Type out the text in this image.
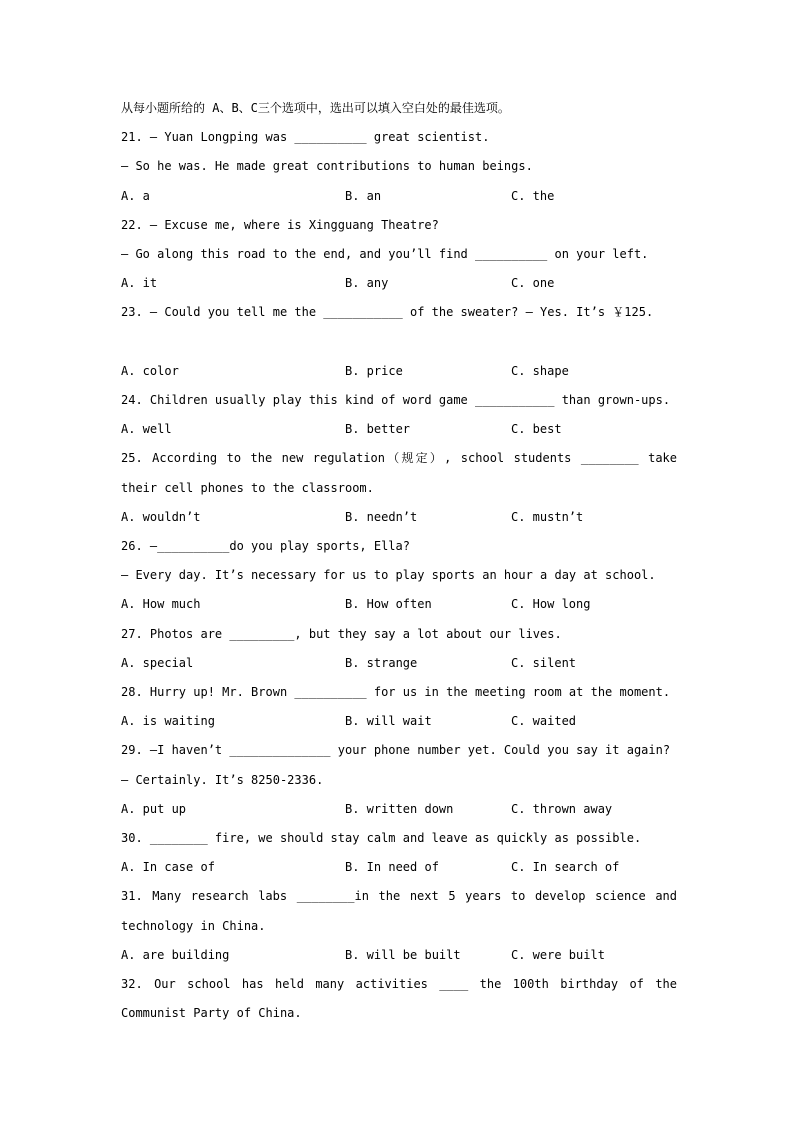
从每小题所给的 A、B、C三个选项中，选出可以填入空白处的最佳选项。
21. — Yuan Longping was __________ great scientist.
— So he was. He made great contributions to human beings.
A. a	B. an	C. the
22. — Excuse me, where is Xingguang Theatre?
— Go along this road to the end, and you’ll find __________ on your left.
A. it	B. any	C. one
23. — Could you tell me the ___________ of the sweater? — Yes. It’s ￥125.
A. color	B. price	C. shape
24. Children usually play this kind of word game ___________ than grown-ups.
A. well	B. better	C. best
25. According to the new regulation（规定）, school students ________ take
their cell phones to the classroom.
A. wouldn’t	B. needn’t	C. mustn’t
26. —__________do you play sports, Ella?
— Every day. It’s necessary for us to play sports an hour a day at school.
A. How much	B. How often	C. How long
27. Photos are _________, but they say a lot about our lives.
A. special	B. strange	C. silent
28. Hurry up! Mr. Brown __________ for us in the meeting room at the moment.
A. is waiting	B. will wait	C. waited
29. —I haven’t ______________ your phone number yet. Could you say it again?
— Certainly. It’s 8250-2336.
A. put up	B. written down	C. thrown away
30. ________ fire, we should stay calm and leave as quickly as possible.
A. In case of	B. In need of	C. In search of
31. Many research labs ________in the next 5 years to develop science and
technology in China.
A. are building	B. will be built	C. were built
32. Our school has held many activities ____ the 100th birthday of the
Communist Party of China.
